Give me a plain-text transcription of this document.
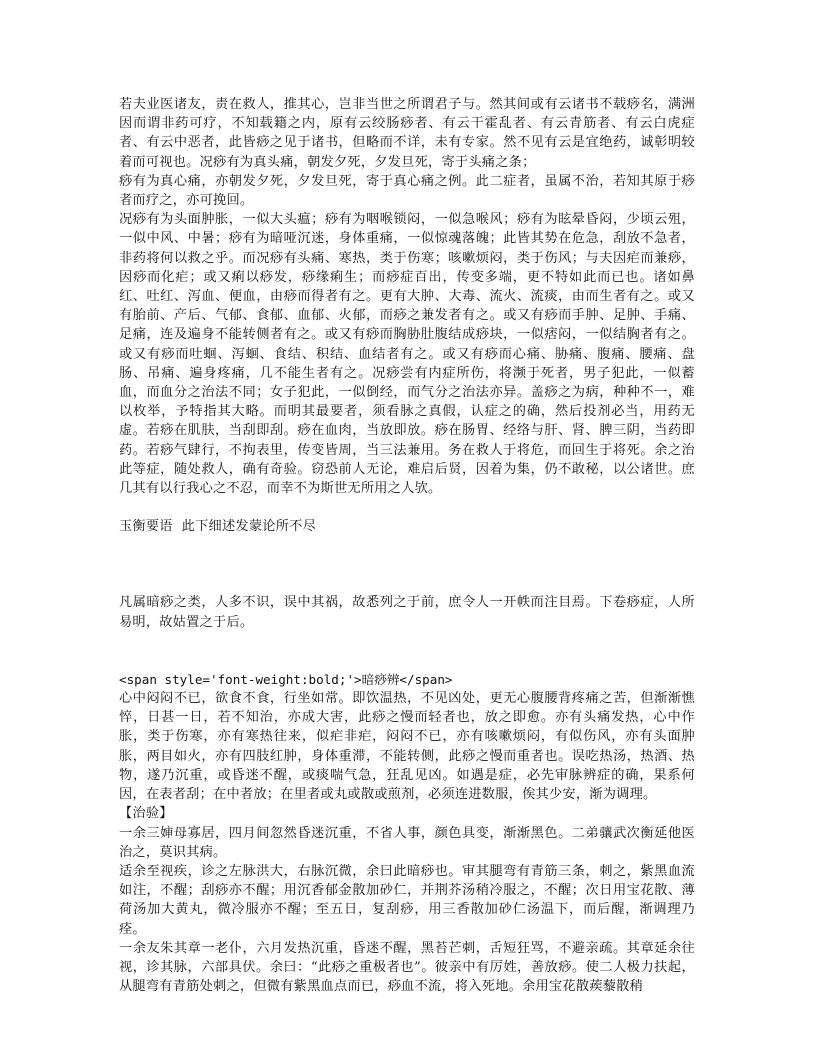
若夫业医诸友，责在救人，推其心，岂非当世之所谓君子与。然其间或有云诸书不载痧名，满洲因而谓非药可疗，不知载籍之内，原有云绞肠痧者、有云干霍乱者、有云青筋者、有云白虎症者、有云中恶者，此皆痧之见于诸书，但略而不详，未有专家。然不见有云是宜绝药，诚彰明较着而可视也。况痧有为真头痛，朝发夕死，夕发旦死，寄于头痛之条；

痧有为真心痛，亦朝发夕死，夕发旦死，寄于真心痛之例。此二症者，虽属不治，若知其原于痧者而疗之，亦可挽回。

况痧有为头面肿胀，一似大头瘟；痧有为咽喉锁闷，一似急喉风；痧有为眩晕昏闷，少顷云殂，一似中风、中暑；痧有为暗哑沉迷，身体重痛，一似惊魂落魄；此皆其势在危急，刮放不急者，非药将何以救之乎。而况痧有头痛、寒热，类于伤寒；咳嗽烦闷，类于伤风；与夫因疟而兼痧，因痧而化疟；或又痢以痧发，痧缘痢生；而痧症百出，传变多端，更不特如此而已也。诸如鼻红、吐红、泻血、便血，由痧而得者有之。更有大肿、大毒、流火、流痰，由而生者有之。或又有胎前、产后、气郁、食郁、血郁、火郁，而痧之兼发者有之。或又有痧而手肿、足肿、手痛、足痛，连及遍身不能转侧者有之。或又有痧而胸胁肚腹结成痧块，一似痞闷，一似结胸者有之。或又有痧而吐蛔、泻蛔、食结、积结、血结者有之。或又有痧而心痛、胁痛、腹痛、腰痛、盘肠、吊痛、遍身疼痛，几不能生者有之。况痧尝有内症所伤，将濒于死者，男子犯此，一似蓄血，而血分之治法不同；女子犯此，一似倒经，而气分之治法亦异。盖痧之为病，种种不一，难以枚举，予特指其大略。而明其最要者，须看脉之真假，认症之的确，然后投剂必当，用药无虚。若痧在肌肤，当刮即刮。痧在血肉，当放即放。痧在肠胃、经络与肝、肾、脾三阴，当药即药。若痧气肆行，不拘表里，传变皆周，当三法兼用。务在救人于将危，而回生于将死。余之治此等症，随处救人，确有奇验。窃恐前人无论，难启后贤，因着为集，仍不敢秘，以公诸世。庶几其有以行我心之不忍，而幸不为斯世无所用之人欤。

玉衡要语  此下细述发蒙论所不尽

凡属暗痧之类，人多不识，误中其祸，故悉列之于前，庶令人一开帙而注目焉。下卷痧症，人所易明，故姑置之于后。

<span style='font-weight:bold;'>暗痧辨</span>

心中闷闷不已，欲食不食，行坐如常。即饮温热，不见凶处，更无心腹腰背疼痛之苦，但渐渐憔悴，日甚一日，若不知治，亦成大害，此痧之慢而轻者也，放之即愈。亦有头痛发热，心中作胀，类于伤寒，亦有寒热往来，似疟非疟，闷闷不已，亦有咳嗽烦闷，有似伤风，亦有头面肿胀，两目如火，亦有四肢红肿，身体重滞，不能转侧，此痧之慢而重者也。误吃热汤，热酒、热物，遂乃沉重，或昏迷不醒，或痰喘气急，狂乱见凶。如遇是症，必先审脉辨症的确，果系何因，在表者刮；在中者放；在里者或丸或散或煎剂，必须连进数服，俟其少安，渐为调理。

【治验】

一余三婶母寡居，四月间忽然昏迷沉重，不省人事，颜色具变，渐渐黑色。二弟骧武次衡延他医治之，莫识其病。

适余至视疾，诊之左脉洪大，右脉沉微，余曰此暗痧也。审其腿弯有青筋三条，刺之，紫黑血流如注，不醒；刮痧亦不醒；用沉香郁金散加砂仁，并荆芥汤稍冷服之，不醒；次日用宝花散、薄荷汤加大黄丸，微冷服亦不醒；至五日，复刮痧，用三香散加砂仁汤温下，而后醒，渐调理乃痊。

一余友朱其章一老仆，六月发热沉重，昏迷不醒，黑苔芒刺，舌短狂骂，不避亲疏。其章延余往视，诊其脉，六部具伏。余曰：“此痧之重极者也”。彼亲中有厉姓，善放痧。使二人极力扶起，从腿弯有青筋处刺之，但微有紫黑血点而已，痧血不流，将入死地。余用宝花散蒺藜散稍
